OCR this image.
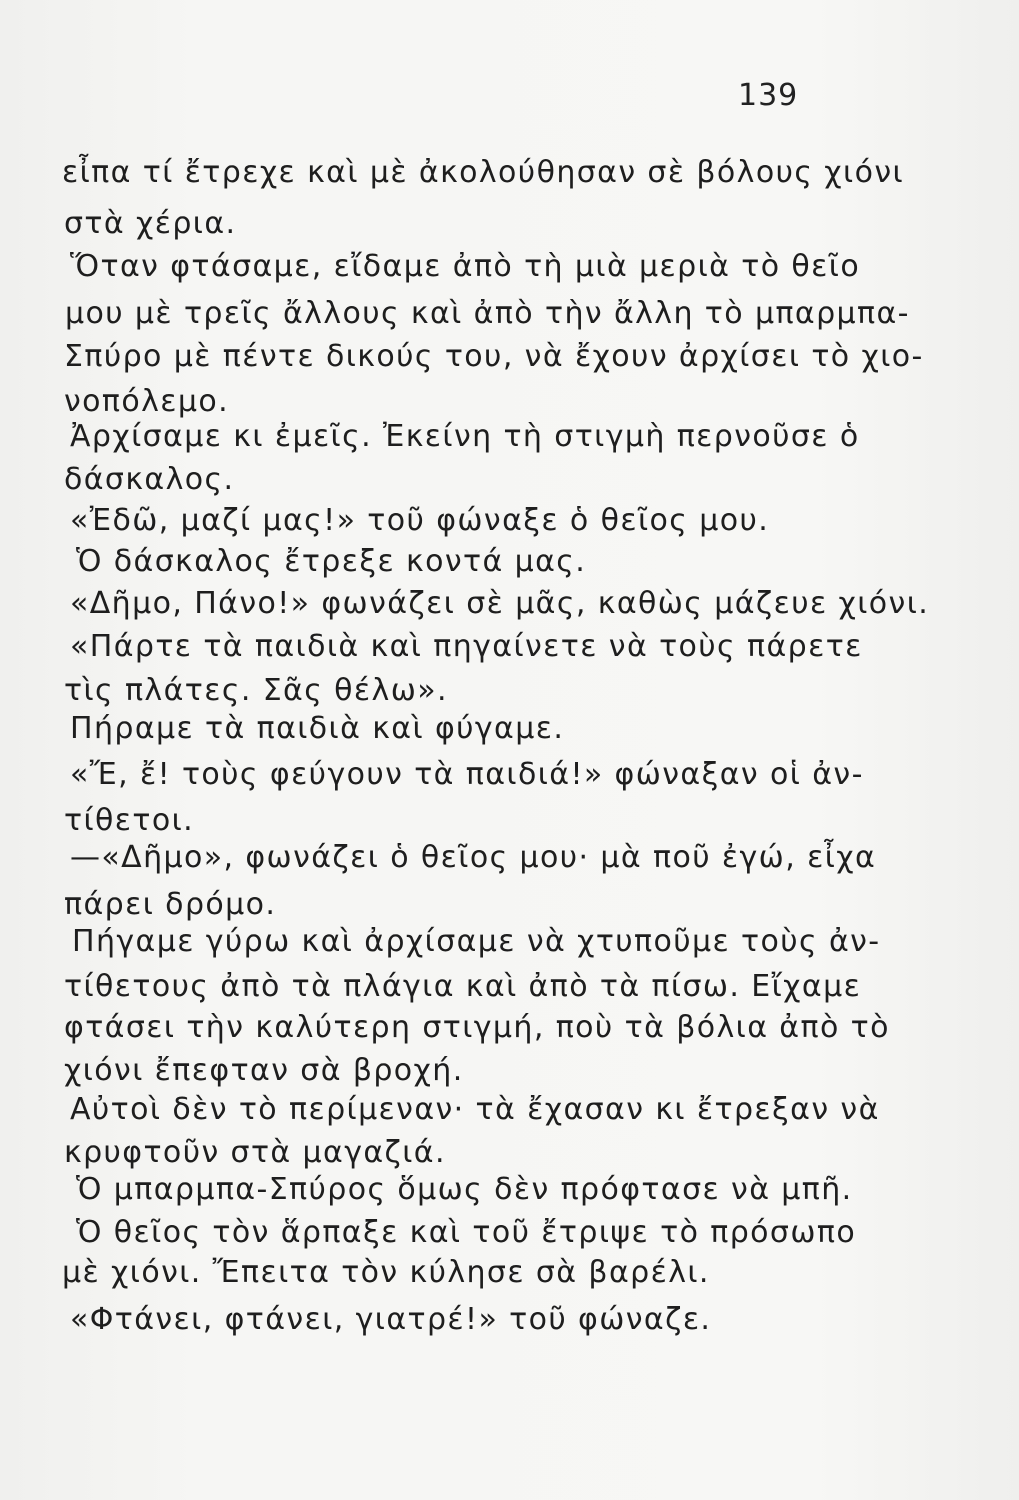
139
εἶπα τί ἔτρεχε καὶ μὲ ἀκολούθησαν σὲ βόλους χιόνι
στὰ χέρια.
Ὅταν φτάσαμε, εἴδαμε ἀπὸ τὴ μιὰ μεριὰ τὸ θεῖο
μου μὲ τρεῖς ἄλλους καὶ ἀπὸ τὴν ἄλλη τὸ μπαρμπα-
Σπύρο μὲ πέντε δικούς του, νὰ ἔχουν ἀρχίσει τὸ χιο-
νοπόλεμο.
Ἀρχίσαμε κι ἐμεῖς. Ἐκείνη τὴ στιγμὴ περνοῦσε ὁ
δάσκαλος.
«Ἐδῶ, μαζί μας!» τοῦ φώναξε ὁ θεῖος μου.
Ὁ δάσκαλος ἔτρεξε κοντά μας.
«Δῆμο, Πάνο!» φωνάζει σὲ μᾶς, καθὼς μάζευε χιόνι.
«Πάρτε τὰ παιδιὰ καὶ πηγαίνετε νὰ τοὺς πάρετε
τὶς πλάτες. Σᾶς θέλω».
Πήραμε τὰ παιδιὰ καὶ φύγαμε.
«Ἔ, ἔ! τοὺς φεύγουν τὰ παιδιά!» φώναξαν οἱ ἀν-
τίθετοι.
—«Δῆμο», φωνάζει ὁ θεῖος μου· μὰ ποῦ ἐγώ, εἶχα
πάρει δρόμο.
Πήγαμε γύρω καὶ ἀρχίσαμε νὰ χτυποῦμε τοὺς ἀν-
τίθετους ἀπὸ τὰ πλάγια καὶ ἀπὸ τὰ πίσω. Εἴχαμε
φτάσει τὴν καλύτερη στιγμή, ποὺ τὰ βόλια ἀπὸ τὸ
χιόνι ἔπεφταν σὰ βροχή.
Αὐτοὶ δὲν τὸ περίμεναν· τὰ ἔχασαν κι ἔτρεξαν νὰ
κρυφτοῦν στὰ μαγαζιά.
Ὁ μπαρμπα-Σπύρος ὅμως δὲν πρόφτασε νὰ μπῆ.
Ὁ θεῖος τὸν ἅρπαξε καὶ τοῦ ἔτριψε τὸ πρόσωπο
μὲ χιόνι. Ἔπειτα τὸν κύλησε σὰ βαρέλι.
«Φτάνει, φτάνει, γιατρέ!» τοῦ φώναζε.
